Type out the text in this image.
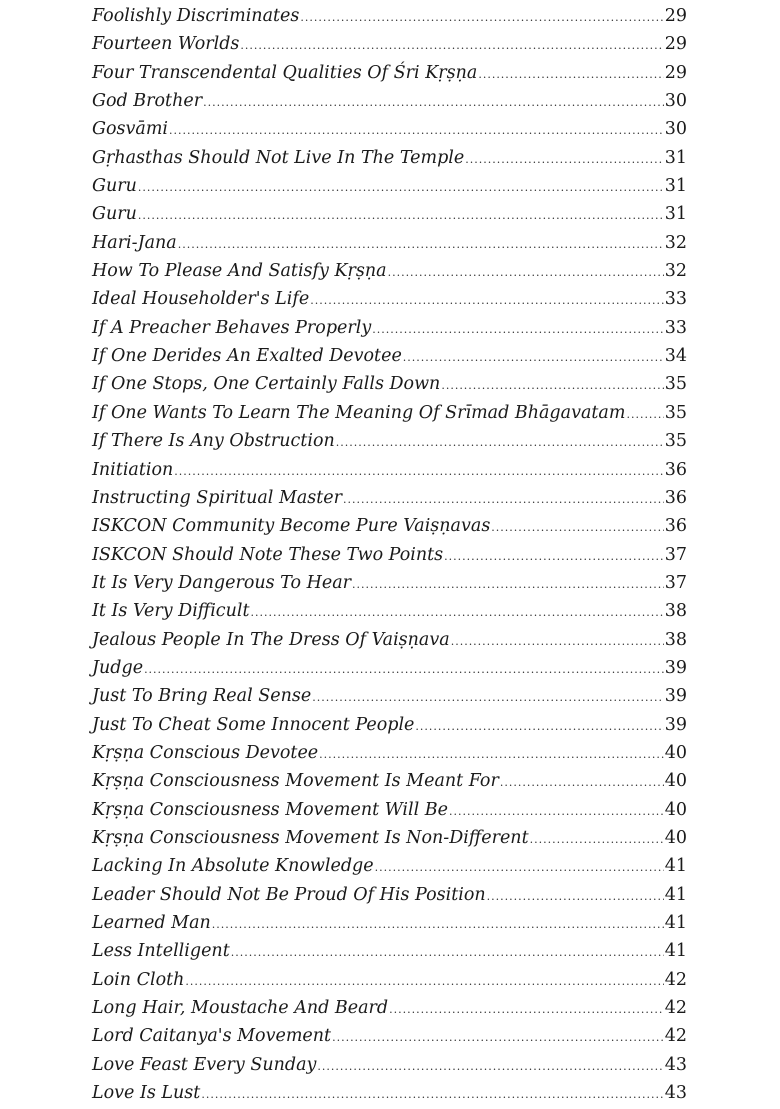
Foolishly Discriminates .....	29
Fourteen Worlds .....	29
Four Transcendental Qualities Of Śri Kṛṣṇa .....	29
God Brother .....	30
Gosvāmi .....	30
Gṛhasthas Should Not Live In The Temple .....	31
Guru .....	31
Guru .....	31
Hari-Jana .....	32
How To Please And Satisfy Kṛṣṇa .....	32
Ideal Householder's Life .....	33
If A Preacher Behaves Properly .....	33
If One Derides An Exalted Devotee .....	34
If One Stops, One Certainly Falls Down .....	35
If One Wants To Learn The Meaning Of Srīmad Bhāgavatam ..... 35
If There Is Any Obstruction .....	35
Initiation .....	36
Instructing Spiritual Master .....	36
ISKCON Community Become Pure Vaiṣṇavas .....	36
ISKCON Should Note These Two Points .....	37
It Is Very Dangerous To Hear .....	37
It Is Very Difficult .....	38
Jealous People In The Dress Of Vaiṣṇava .....	38
Judge .....	39
Just To Bring Real Sense .....	39
Just To Cheat Some Innocent People .....	39
Kṛṣṇa Conscious Devotee .....	40
Kṛṣṇa Consciousness Movement Is Meant For .....	40
Kṛṣṇa Consciousness Movement Will Be .....	40
Kṛṣṇa Consciousness Movement Is Non-Different .....	40
Lacking In Absolute Knowledge .....	41
Leader Should Not Be Proud Of His Position .....	41
Learned Man .....	41
Less Intelligent .....	41
Loin Cloth .....	42
Long Hair, Moustache And Beard .....	42
Lord Caitanya's Movement .....	42
Love Feast Every Sunday .....	43
Love Is Lust .....	43
